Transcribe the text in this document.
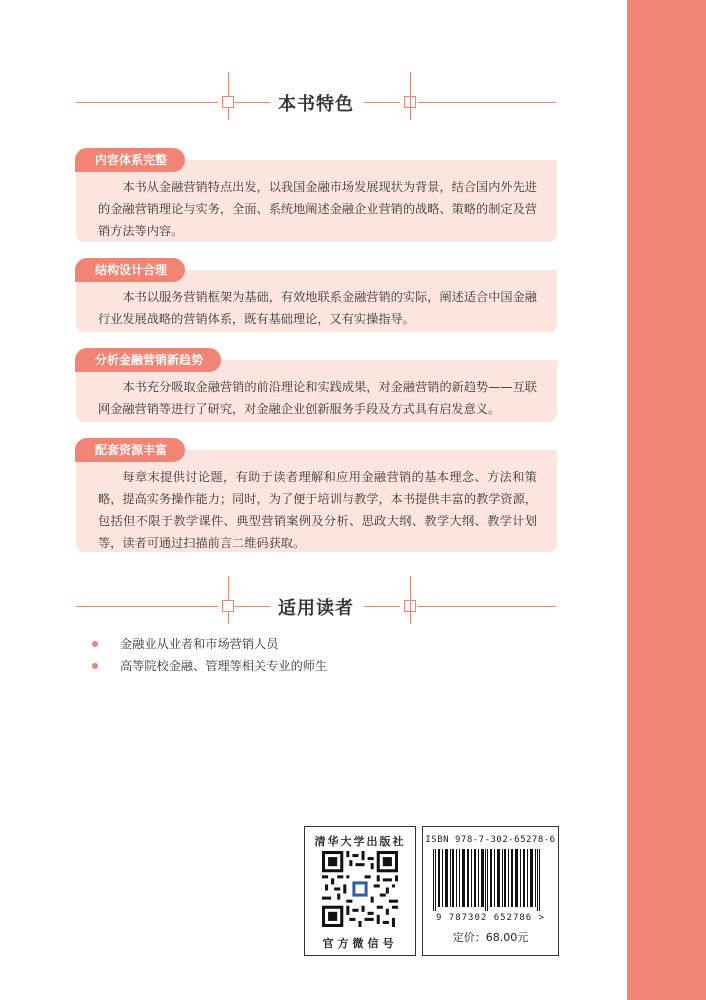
本书特色
内容体系完整
本书从金融营销特点出发，以我国金融市场发展现状为背景，结合国内外先进的金融营销理论与实务，全面、系统地阐述金融企业营销的战略、策略的制定及营销方法等内容。
结构设计合理
本书以服务营销框架为基础，有效地联系金融营销的实际，阐述适合中国金融行业发展战略的营销体系，既有基础理论，又有实操指导。
分析金融营销新趋势
本书充分吸取金融营销的前沿理论和实践成果，对金融营销的新趋势——互联网金融营销等进行了研究，对金融企业创新服务手段及方式具有启发意义。
配套资源丰富
每章末提供讨论题，有助于读者理解和应用金融营销的基本理念、方法和策略，提高实务操作能力；同时，为了便于培训与教学，本书提供丰富的教学资源，包括但不限于教学课件、典型营销案例及分析、思政大纲、教学大纲、教学计划等，读者可通过扫描前言二维码获取。
适用读者
金融业从业者和市场营销人员
高等院校金融、管理等相关专业的师生
清华大学出版社
官方微信号
ISBN 978-7-302-65278-6
9 787302 652786 >
定价：68.00元
